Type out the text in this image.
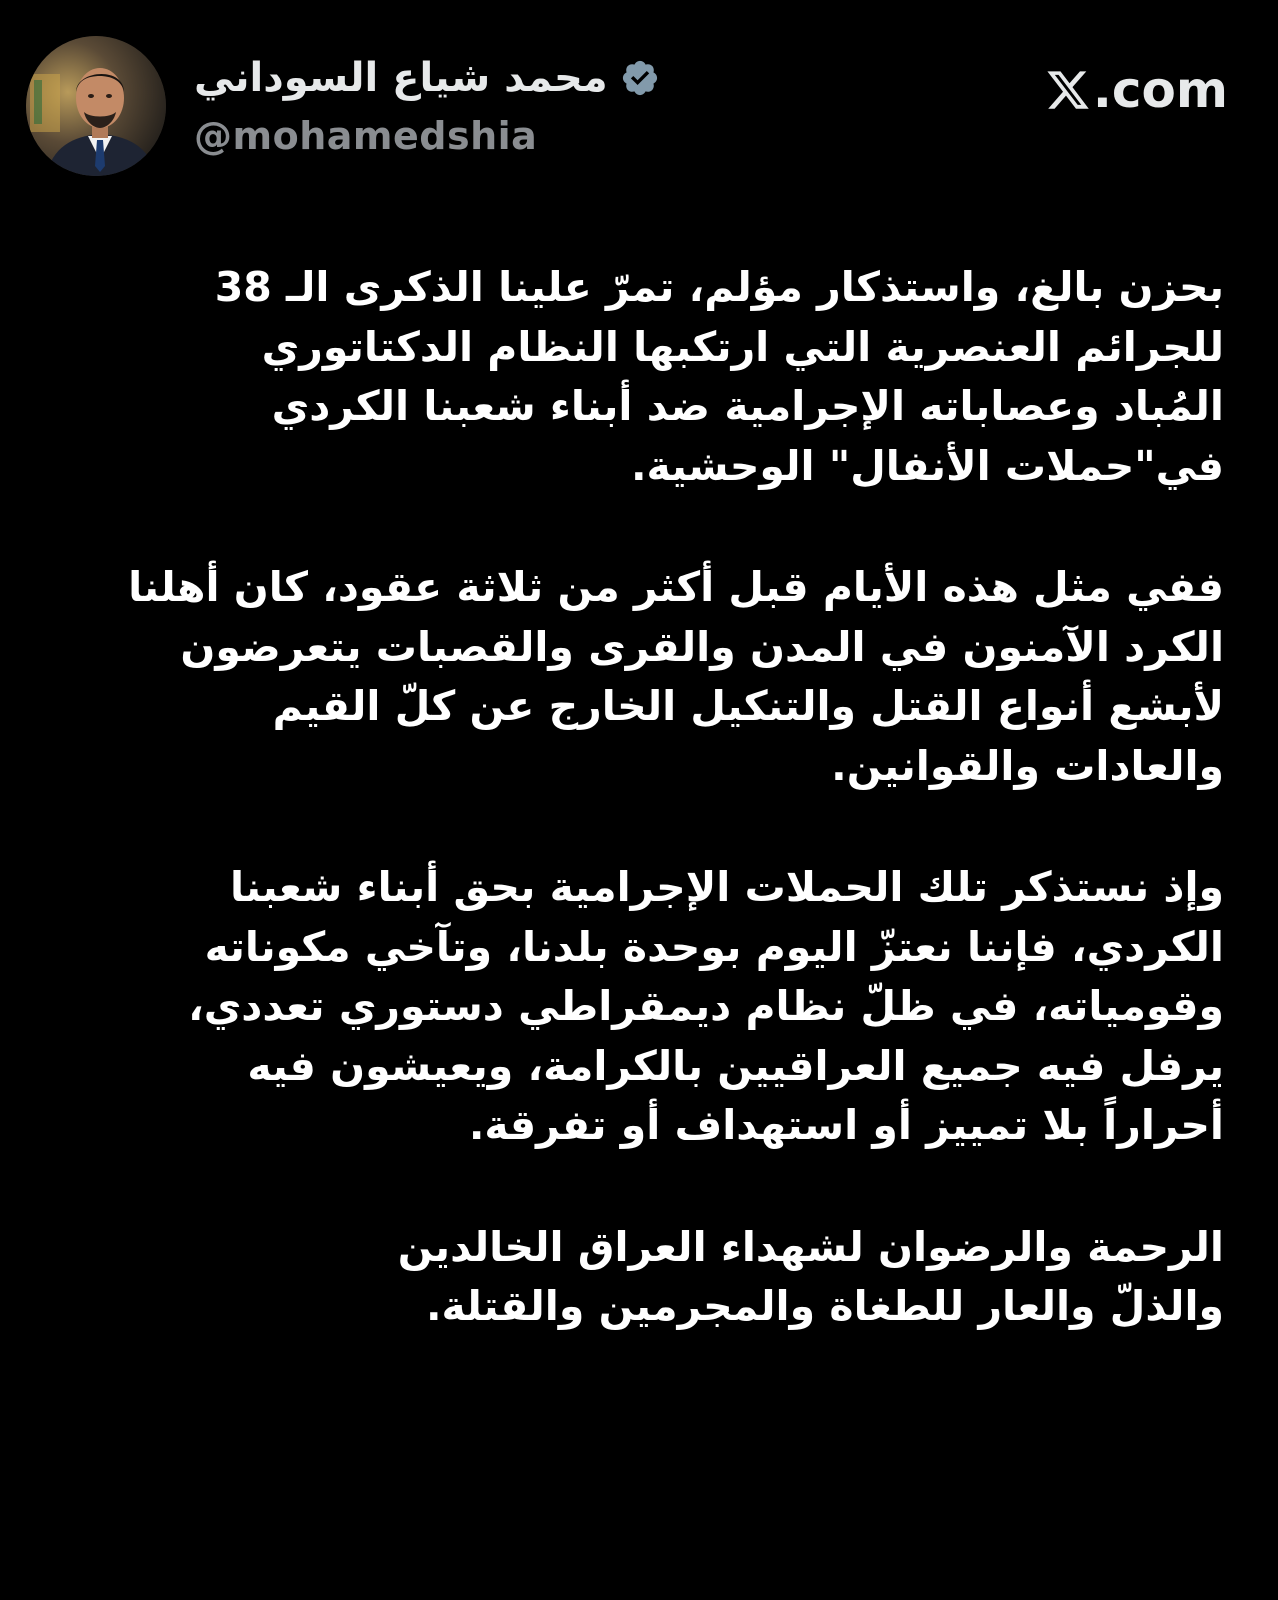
محمد شياع السوداني
@mohamedshia
.com

بحزن بالغ، واستذكار مؤلم، تمرّ علينا الذكرى الـ 38
للجرائم العنصرية التي ارتكبها النظام الدكتاتوري
المُباد وعصاباته الإجرامية ضد أبناء شعبنا الكردي
في"حملات الأنفال" الوحشية.

ففي مثل هذه الأيام قبل أكثر من ثلاثة عقود، كان أهلنا
الكرد الآمنون في المدن والقرى والقصبات يتعرضون
لأبشع أنواع القتل والتنكيل الخارج عن كلّ القيم
والعادات والقوانين.

وإذ نستذكر تلك الحملات الإجرامية بحق أبناء شعبنا
الكردي، فإننا نعتزّ اليوم بوحدة بلدنا، وتآخي مكوناته
وقومياته، في ظلّ نظام ديمقراطي دستوري تعددي،
يرفل فيه جميع العراقيين بالكرامة، ويعيشون فيه
أحراراً بلا تمييز أو استهداف أو تفرقة.

الرحمة والرضوان لشهداء العراق الخالدين
والذلّ والعار للطغاة والمجرمين والقتلة.
